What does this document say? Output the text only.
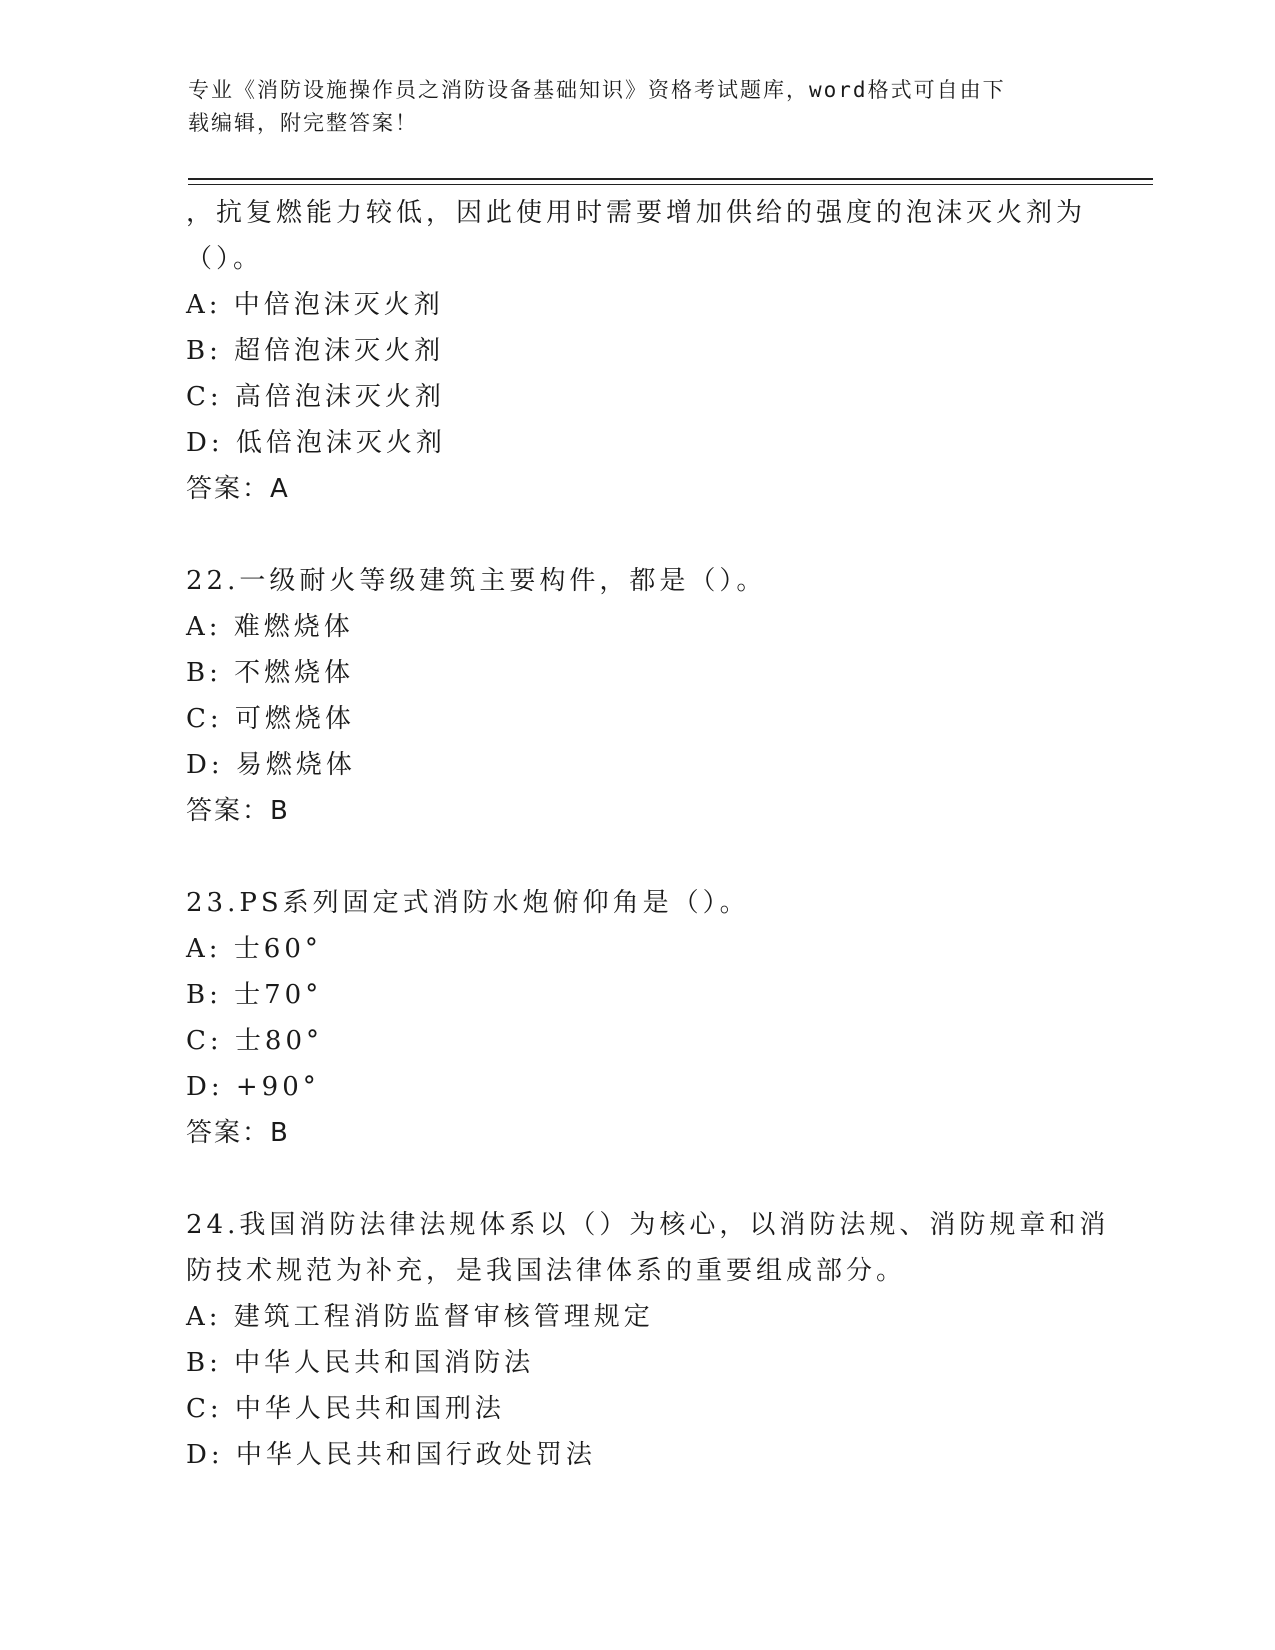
专业《消防设施操作员之消防设备基础知识》资格考试题库，word格式可自由下
载编辑，附完整答案！
，抗复燃能力较低，因此使用时需要增加供给的强度的泡沫灭火剂为
（）。
A: 中倍泡沫灭火剂
B: 超倍泡沫灭火剂
C: 高倍泡沫灭火剂
D: 低倍泡沫灭火剂
答案：A
22.一级耐火等级建筑主要构件，都是（）。
A: 难燃烧体
B: 不燃烧体
C: 可燃烧体
D: 易燃烧体
答案：B
23.PS系列固定式消防水炮俯仰角是（）。
A: 士60°
B: 士70°
C: 士80°
D: +90°
答案：B
24.我国消防法律法规体系以（）为核心，以消防法规、消防规章和消
防技术规范为补充，是我国法律体系的重要组成部分。
A: 建筑工程消防监督审核管理规定
B: 中华人民共和国消防法
C: 中华人民共和国刑法
D: 中华人民共和国行政处罚法
